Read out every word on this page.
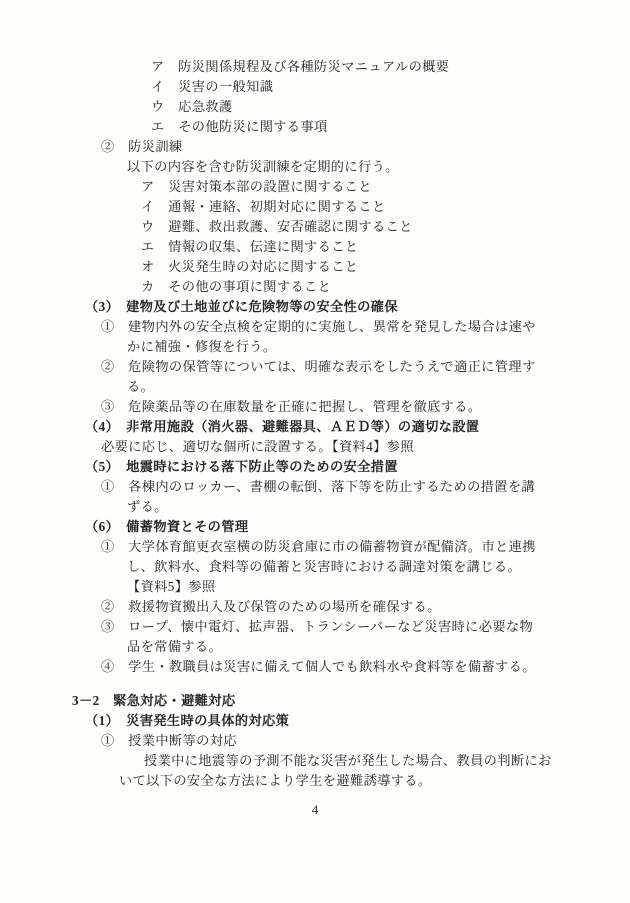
ア　防災関係規程及び各種防災マニュアルの概要
イ　災害の一般知識
ウ　応急救護
エ　その他防災に関する事項
②　防災訓練
以下の内容を含む防災訓練を定期的に行う。
ア　災害対策本部の設置に関すること
イ　通報・連絡、初期対応に関すること
ウ　避難、救出救護、安否確認に関すること
エ　情報の収集、伝達に関すること
オ　火災発生時の対応に関すること
カ　その他の事項に関すること
（3）　建物及び土地並びに危険物等の安全性の確保
①　建物内外の安全点検を定期的に実施し、異常を発見した場合は速や
かに補強・修復を行う。
②　危険物の保管等については、明確な表示をしたうえで適正に管理す
る。
③　危険薬品等の在庫数量を正確に把握し、管理を徹底する。
（4）　非常用施設（消火器、避難器具、ＡＥＤ等）の適切な設置
必要に応じ、適切な個所に設置する。【資料4】参照
（5）　地震時における落下防止等のための安全措置
①　各棟内のロッカー、書棚の転倒、落下等を防止するための措置を講
ずる。
（6）　備蓄物資とその管理
①　大学体育館更衣室横の防災倉庫に市の備蓄物資が配備済。市と連携
し、飲料水、食料等の備蓄と災害時における調達対策を講じる。
【資料5】参照
②　救援物資搬出入及び保管のための場所を確保する。
③　ロープ、懐中電灯、拡声器、トランシーバーなど災害時に必要な物
品を常備する。
④　学生・教職員は災害に備えて個人でも飲料水や食料等を備蓄する。
3－2　緊急対応・避難対応
（1）　災害発生時の具体的対応策
①　授業中断等の対応
授業中に地震等の予測不能な災害が発生した場合、教員の判断にお
いて以下の安全な方法により学生を避難誘導する。
4
